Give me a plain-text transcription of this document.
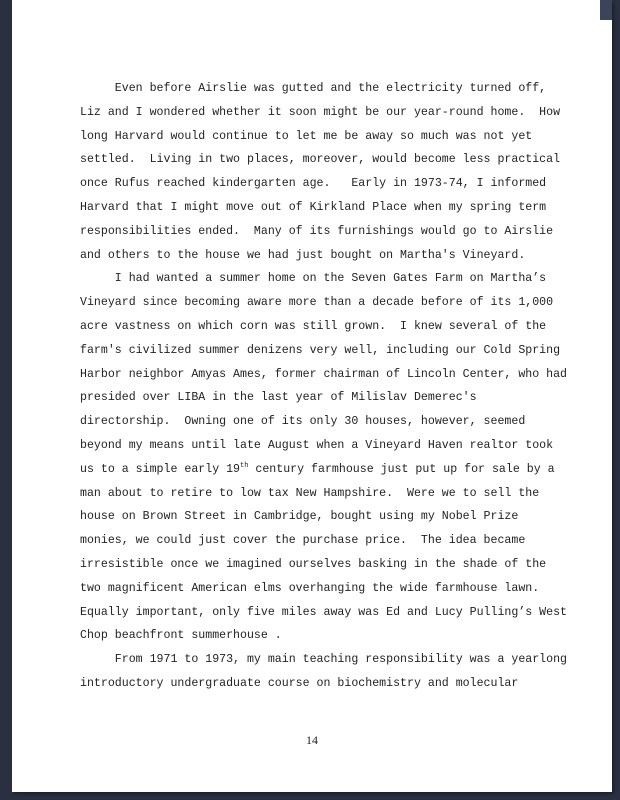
Even before Airslie was gutted and the electricity turned off,
Liz and I wondered whether it soon might be our year-round home.  How
long Harvard would continue to let me be away so much was not yet
settled.  Living in two places, moreover, would become less practical
once Rufus reached kindergarten age.   Early in 1973-74, I informed
Harvard that I might move out of Kirkland Place when my spring term
responsibilities ended.  Many of its furnishings would go to Airslie
and others to the house we had just bought on Martha's Vineyard.
I had wanted a summer home on the Seven Gates Farm on Martha’s
Vineyard since becoming aware more than a decade before of its 1,000
acre vastness on which corn was still grown.  I knew several of the
farm's civilized summer denizens very well, including our Cold Spring
Harbor neighbor Amyas Ames, former chairman of Lincoln Center, who had
presided over LIBA in the last year of Milislav Demerec's
directorship.  Owning one of its only 30 houses, however, seemed
beyond my means until late August when a Vineyard Haven realtor took
us to a simple early 19th century farmhouse just put up for sale by a
man about to retire to low tax New Hampshire.  Were we to sell the
house on Brown Street in Cambridge, bought using my Nobel Prize
monies, we could just cover the purchase price.  The idea became
irresistible once we imagined ourselves basking in the shade of the
two magnificent American elms overhanging the wide farmhouse lawn.
Equally important, only five miles away was Ed and Lucy Pulling’s West
Chop beachfront summerhouse .
From 1971 to 1973, my main teaching responsibility was a yearlong
introductory undergraduate course on biochemistry and molecular
14
